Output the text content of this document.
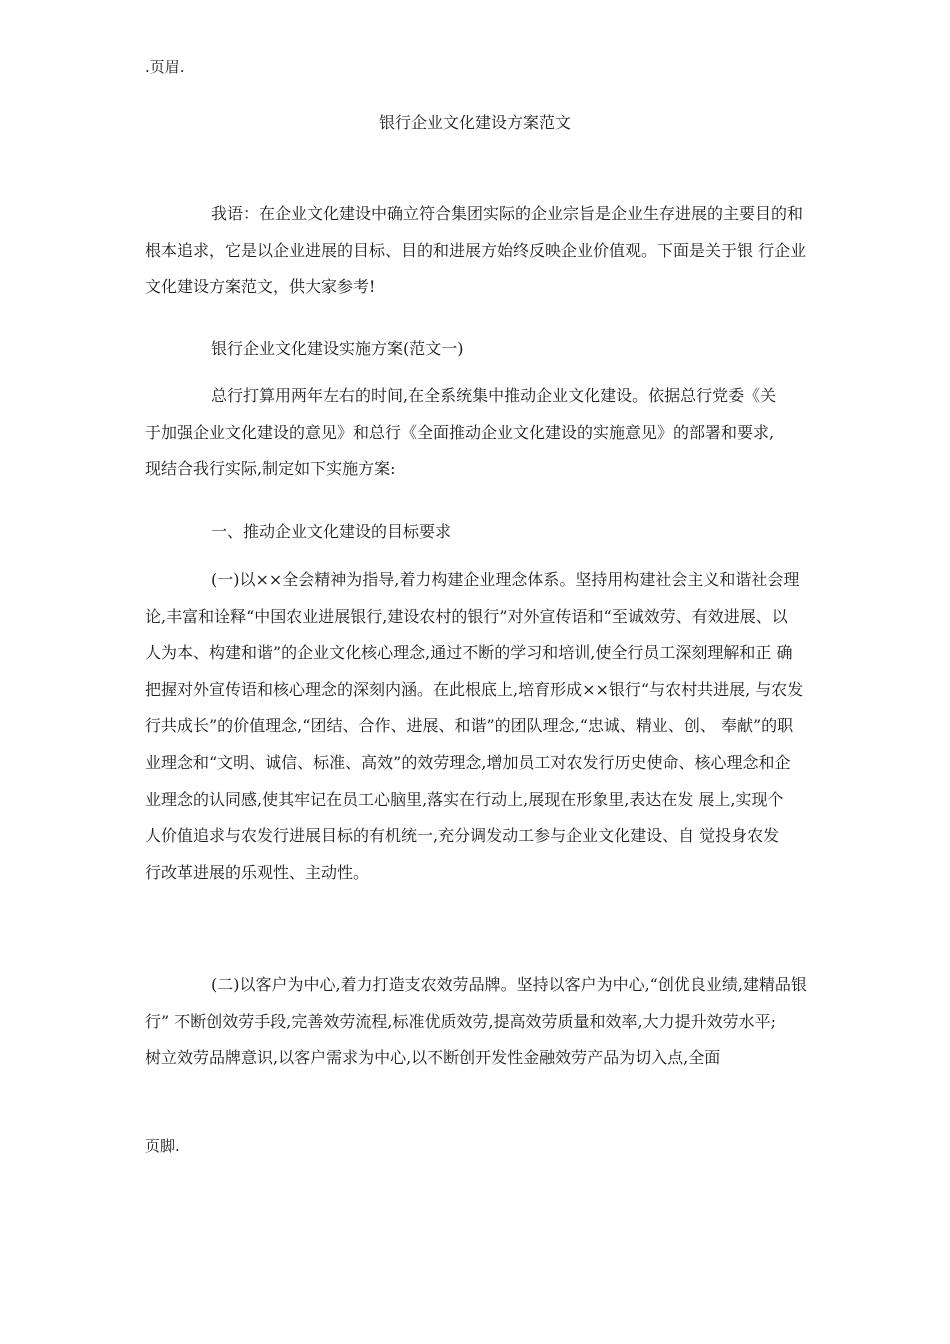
.页眉.
银行企业文化建设方案范文
我语：在企业文化建设中确立符合集团实际的企业宗旨是企业生存进展的主要目的和
根本追求，它是以企业进展的目标、目的和进展方始终反映企业价值观。下面是关于银 行企业
文化建设方案范文，供大家参考!
银行企业文化建设实施方案(范文一)
总行打算用两年左右的时间,在全系统集中推动企业文化建设。依据总行党委《关
于加强企业文化建设的意见》和总行《全面推动企业文化建设的实施意见》的部署和要求,
现结合我行实际,制定如下实施方案:
一、推动企业文化建设的目标要求
(一)以××全会精神为指导,着力构建企业理念体系。坚持用构建社会主义和谐社会理
论,丰富和诠释“中国农业进展银行,建设农村的银行”对外宣传语和“至诚效劳、有效进展、以
人为本、构建和谐”的企业文化核心理念,通过不断的学习和培训,使全行员工深刻理解和正 确
把握对外宣传语和核心理念的深刻内涵。在此根底上,培育形成××银行“与农村共进展, 与农发
行共成长”的价值理念,“团结、合作、进展、和谐”的团队理念,“忠诚、精业、创、 奉献”的职
业理念和“文明、诚信、标准、高效”的效劳理念,增加员工对农发行历史使命、核心理念和企
业理念的认同感,使其牢记在员工心脑里,落实在行动上,展现在形象里,表达在发 展上,实现个
人价值追求与农发行进展目标的有机统一,充分调发动工参与企业文化建设、自 觉投身农发
行改革进展的乐观性、主动性。
(二)以客户为中心,着力打造支农效劳品牌。坚持以客户为中心,“创优良业绩,建精品银
行” 不断创效劳手段,完善效劳流程,标准优质效劳,提高效劳质量和效率,大力提升效劳水平;
树立效劳品牌意识,以客户需求为中心,以不断创开发性金融效劳产品为切入点,全面
页脚.
